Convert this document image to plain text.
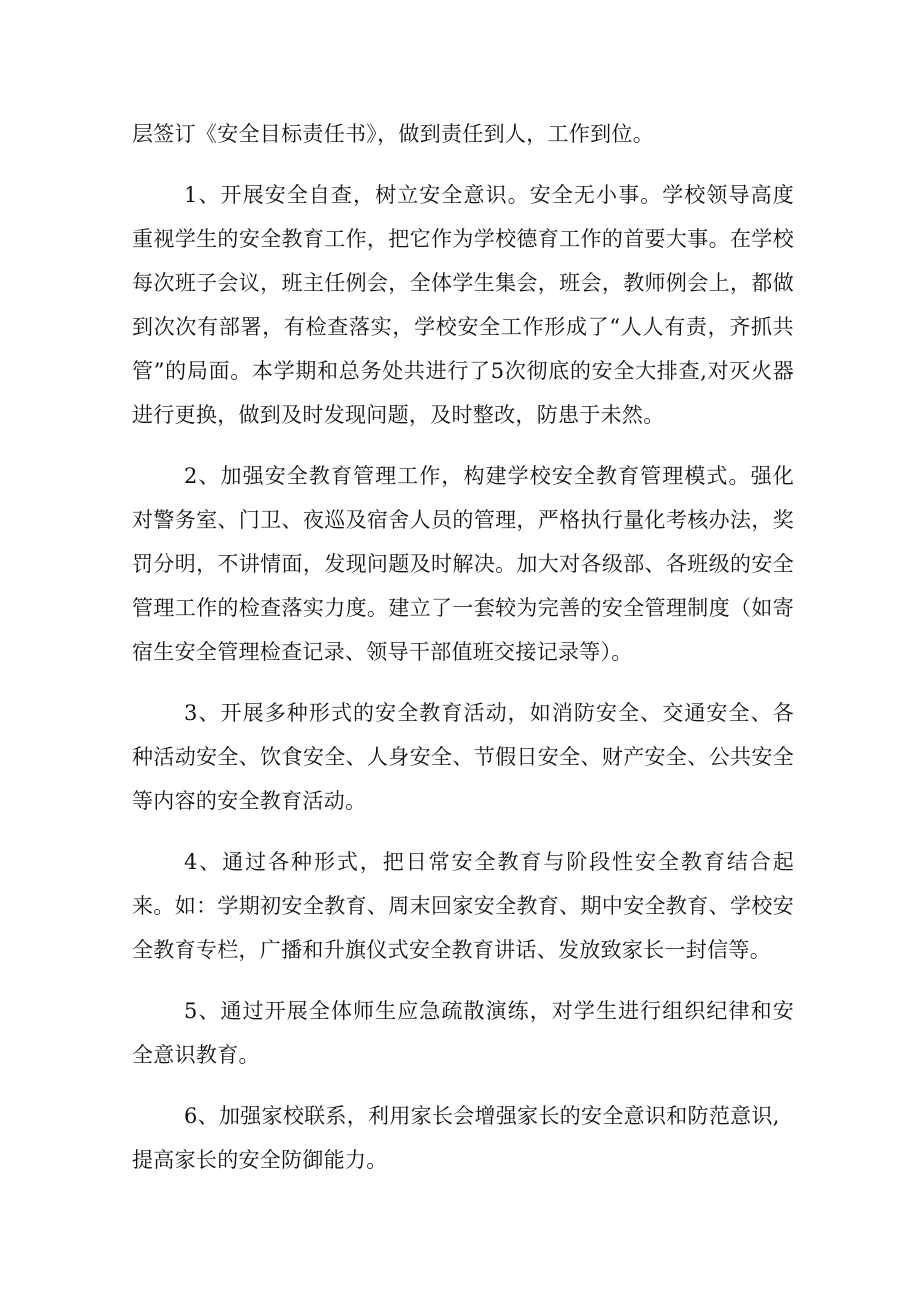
层签订《安全目标责任书》，做到责任到人，工作到位。

1、开展安全自查，树立安全意识。安全无小事。学校领导高度重视学生的安全教育工作，把它作为学校德育工作的首要大事。在学校每次班子会议，班主任例会，全体学生集会，班会，教师例会上，都做到次次有部署，有检查落实，学校安全工作形成了“人人有责，齐抓共管”的局面。本学期和总务处共进行了5次彻底的安全大排查,对灭火器进行更换，做到及时发现问题，及时整改，防患于未然。

2、加强安全教育管理工作，构建学校安全教育管理模式。强化对警务室、门卫、夜巡及宿舍人员的管理，严格执行量化考核办法，奖罚分明，不讲情面，发现问题及时解决。加大对各级部、各班级的安全管理工作的检查落实力度。建立了一套较为完善的安全管理制度（如寄宿生安全管理检查记录、领导干部值班交接记录等）。

3、开展多种形式的安全教育活动，如消防安全、交通安全、各种活动安全、饮食安全、人身安全、节假日安全、财产安全、公共安全等内容的安全教育活动。

4、通过各种形式，把日常安全教育与阶段性安全教育结合起来。如：学期初安全教育、周末回家安全教育、期中安全教育、学校安全教育专栏，广播和升旗仪式安全教育讲话、发放致家长一封信等。

5、通过开展全体师生应急疏散演练，对学生进行组织纪律和安全意识教育。

6、加强家校联系，利用家长会增强家长的安全意识和防范意识,提高家长的安全防御能力。
